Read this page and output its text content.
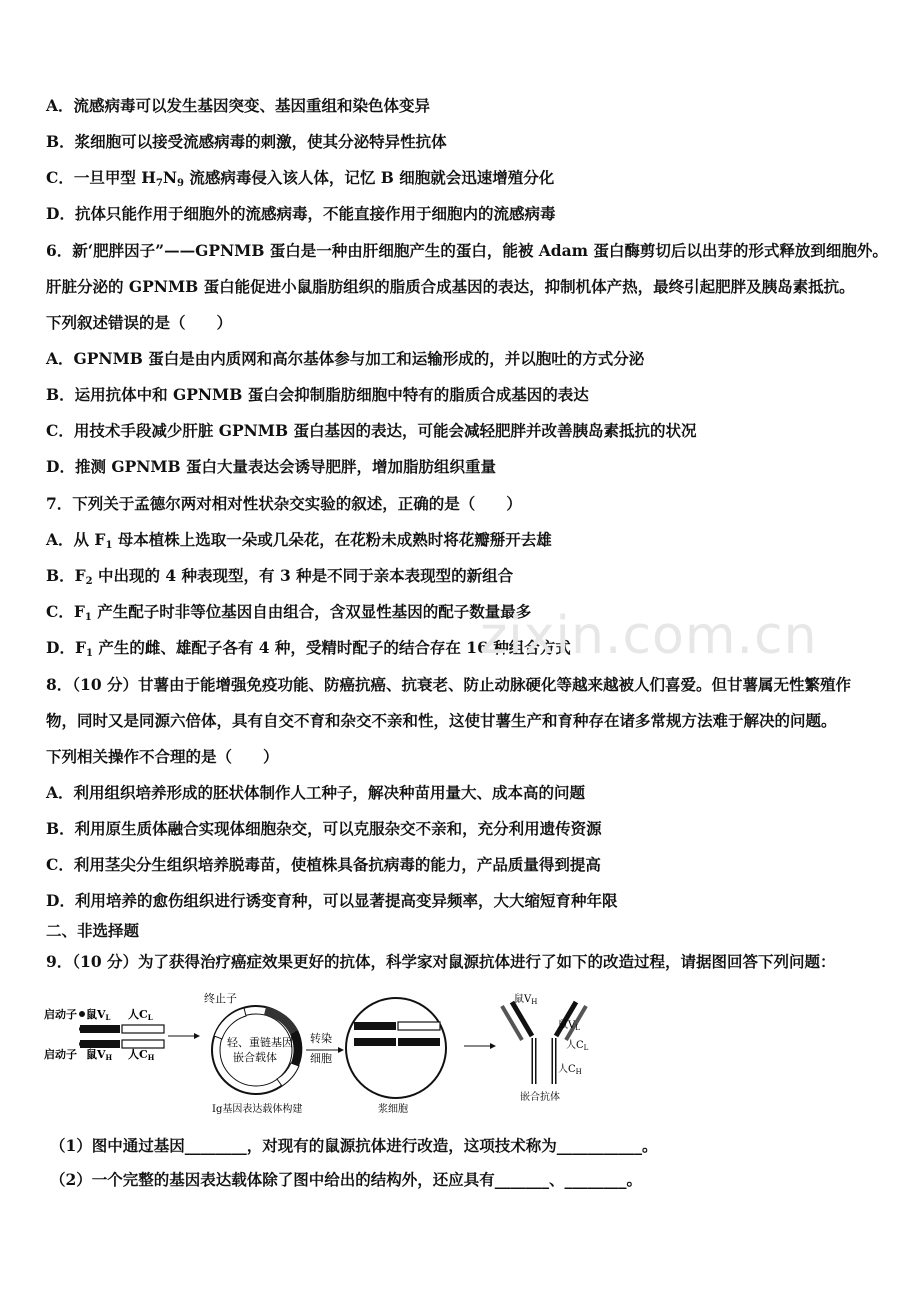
A．流感病毒可以发生基因突变、基因重组和染色体变异
B．浆细胞可以接受流感病毒的刺激，使其分泌特异性抗体
C．一旦甲型 $H_7N_9$ 流感病毒侵入该人体，记忆 B 细胞就会迅速增殖分化
D．抗体只能作用于细胞外的流感病毒，不能直接作用于细胞内的流感病毒
6．新‘肥胖因子”——GPNMB 蛋白是一种由肝细胞产生的蛋白，能被 Adam 蛋白酶剪切后以出芽的形式释放到细胞外。
肝脏分泌的 GPNMB 蛋白能促进小鼠脂肪组织的脂质合成基因的表达，抑制机体产热，最终引起肥胖及胰岛素抵抗。
下列叙述错误的是（　　）
A．GPNMB 蛋白是由内质网和高尔基体参与加工和运输形成的，并以胞吐的方式分泌
B．运用抗体中和 GPNMB 蛋白会抑制脂肪细胞中特有的脂质合成基因的表达
C．用技术手段减少肝脏 GPNMB 蛋白基因的表达，可能会减轻肥胖并改善胰岛素抵抗的状况
D．推测 GPNMB 蛋白大量表达会诱导肥胖，增加脂肪组织重量
7．下列关于孟德尔两对相对性状杂交实验的叙述，正确的是（　　）
A．从 $F_1$ 母本植株上选取一朵或几朵花，在花粉未成熟时将花瓣掰开去雄
B．$F_2$ 中出现的 4 种表现型，有 3 种是不同于亲本表现型的新组合
C．$F_1$ 产生配子时非等位基因自由组合，含双显性基因的配子数量最多
D．$F_1$ 产生的雌、雄配子各有 4 种，受精时配子的结合存在 16 种组合方式
8．（10 分）甘薯由于能增强免疫功能、防癌抗癌、抗衰老、防止动脉硬化等越来越被人们喜爱。但甘薯属无性繁殖作
物，同时又是同源六倍体，具有自交不育和杂交不亲和性，这使甘薯生产和育种存在诸多常规方法难于解决的问题。
下列相关操作不合理的是（　　）
A．利用组织培养形成的胚状体制作人工种子，解决种苗用量大、成本高的问题
B．利用原生质体融合实现体细胞杂交，可以克服杂交不亲和，充分利用遗传资源
C．利用茎尖分生组织培养脱毒苗，使植株具备抗病毒的能力，产品质量得到提高
D．利用培养的愈伤组织进行诱变育种，可以显著提高变异频率，大大缩短育种年限
二、非选择题
9．（10 分）为了获得治疗癌症效果更好的抗体，科学家对鼠源抗体进行了如下的改造过程，请据图回答下列问题：
zixin.com.cn
启动子 鼠VL 人CL
启动子 鼠VH 人CH
终止子
轻、重链基因
嵌合载体
Ig基因表达载体构建
转染
细胞
浆细胞
鼠$V_H$
鼠$V_L$
人$C_L$
人$C_H$
嵌合抗体
（1）图中通过基因________，对现有的鼠源抗体进行改造，这项技术称为___________。
（2）一个完整的基因表达载体除了图中给出的结构外，还应具有_______、________。
